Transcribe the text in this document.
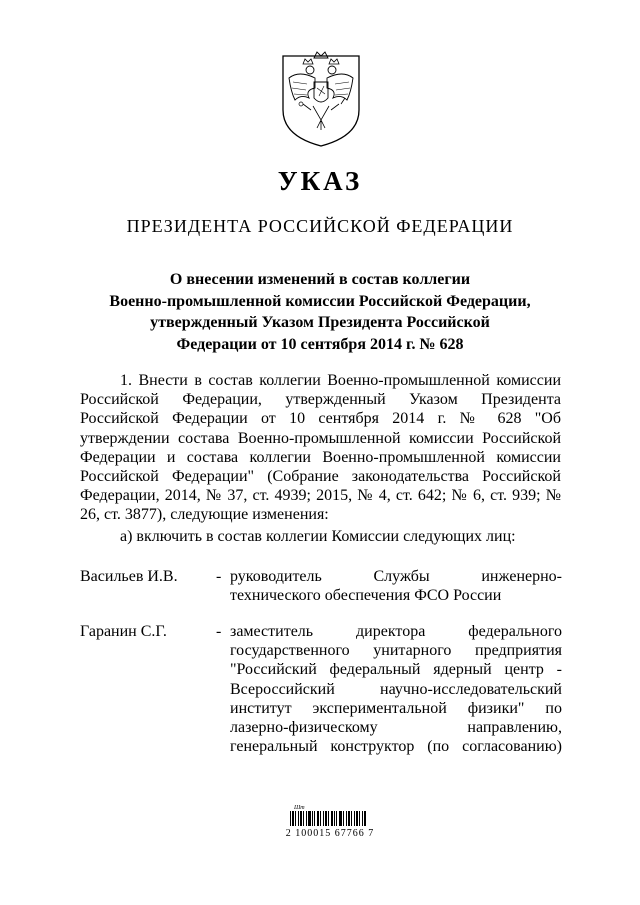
УКАЗ
ПРЕЗИДЕНТА РОССИЙСКОЙ ФЕДЕРАЦИИ
О внесении изменений в состав коллегии
Военно-промышленной комиссии Российской Федерации,
утвержденный Указом Президента Российской
Федерации от 10 сентября 2014 г. № 628
1. Внести в состав коллегии Военно-промышленной комиссии Российской Федерации, утвержденный Указом Президента Российской Федерации от 10 сентября 2014 г. № 628 "Об утверждении состава Военно-промышленной комиссии Российской Федерации и состава коллегии Военно-промышленной комиссии Российской Федерации" (Собрание законодательства Российской Федерации, 2014, № 37, ст. 4939; 2015, № 4, ст. 642; № 6, ст. 939; № 26, ст. 3877), следующие изменения:
а) включить в состав коллегии Комиссии следующих лиц:
Васильев И.В. - руководитель Службы инженерно-
технического обеспечения ФСО России
Гаранин С.Г.	- заместитель директора федерального
государственного унитарного предприятия
"Российский федеральный ядерный центр -
Всероссийский научно-исследовательский
институт экспериментальной физики" по
лазерно-физическому направлению,
генеральный конструктор (по согласованию)
Шт
2 100015 67766 7
